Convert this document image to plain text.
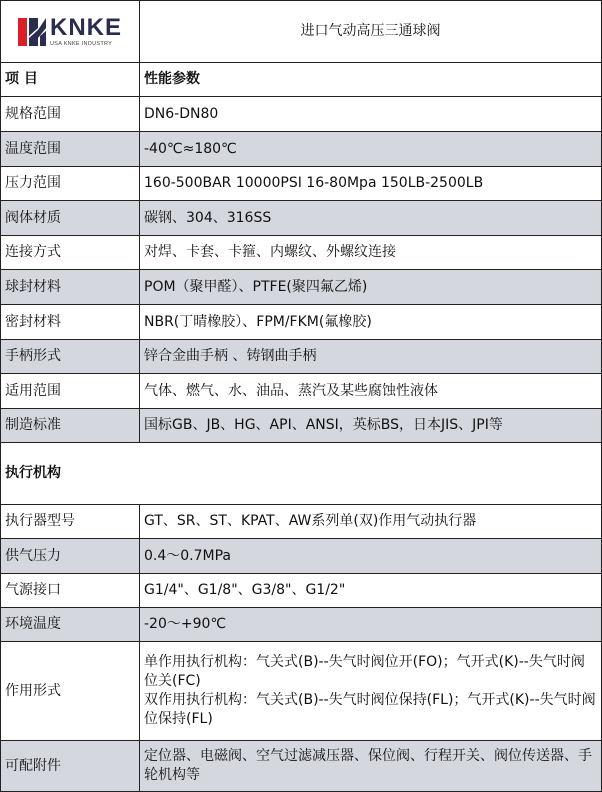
KNKE
USA KNKE INDUSTRY	进口气动高压三通球阀
项 目	性能参数
规格范围	DN6-DN80
温度范围	-40℃≈180℃
压力范围	160-500BAR 10000PSI 16-80Mpa 150LB-2500LB
阀体材质	碳钢、304、316SS
连接方式	对焊、卡套、卡箍、内螺纹、外螺纹连接
球封材料	POM（聚甲醛）、PTFE(聚四氟乙烯)
密封材料	NBR(丁晴橡胶）、FPM/FKM(氟橡胶)
手柄形式	锌合金曲手柄 、铸钢曲手柄
适用范围	气体、燃气、水、油品、蒸汽及某些腐蚀性液体
制造标准	国标GB、JB、HG、API、ANSI，英标BS，日本JIS、JPI等
执行机构	
执行器型号	GT、SR、ST、KPAT、AW系列单(双)作用气动执行器
供气压力	0.4～0.7MPa
气源接口	G1/4"、G1/8"、G3/8"、G1/2"
环境温度	-20～+90℃
作用形式	单作用执行机构：气关式(B)--失气时阀位开(FO)；气开式(K)--失气时阀位关(FC)
双作用执行机构：气关式(B)--失气时阀位保持(FL)；气开式(K)--失气时阀位保持(FL)

可配附件	定位器、电磁阀、空气过滤减压器、保位阀、行程开关、阀位传送器、手轮机构等
